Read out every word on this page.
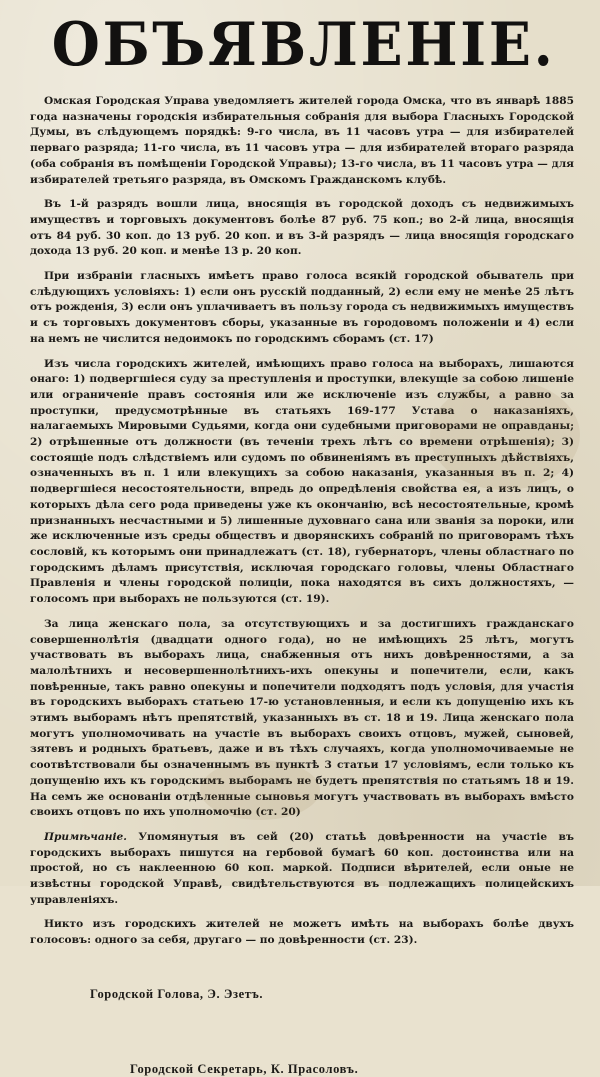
ОБЪЯВЛЕНІЕ.

Омская Городская Управа уведомляетъ жителей города Омска, что въ январѣ 1885 года назначены городскія избирательныя собранія для выбора Гласныхъ Городской Думы, въ слѣдующемъ порядкѣ: 9-го числа, въ 11 часовъ утра — для избирателей перваго разряда; 11-го числа, въ 11 часовъ утра — для избирателей втораго разряда (оба собранія въ помѣщеніи Городской Управы); 13-го числа, въ 11 часовъ утра — для избирателей третьяго разряда, въ Омскомъ Гражданскомъ клубѣ.

Въ 1-й разрядъ вошли лица, вносящія въ городской доходъ съ недвижимыхъ имуществъ и торговыхъ документовъ болѣе 87 руб. 75 коп.; во 2-й лица, вносящія отъ 84 руб. 30 коп. до 13 руб. 20 коп. и въ 3-й разрядъ — лица вносящія городскаго дохода 13 руб. 20 коп. и менѣе 13 р. 20 коп.

При избраніи гласныхъ имѣетъ право голоса всякій городской обыватель при слѣдующихъ условіяхъ: 1) если онъ русскій подданный, 2) если ему не менѣе 25 лѣтъ отъ рожденія, 3) если онъ уплачиваетъ въ пользу города съ недвижимыхъ имуществъ и съ торговыхъ документовъ сборы, указанные въ городовомъ положеніи и 4) если на немъ не числится недоимокъ по городскимъ сборамъ (ст. 17)

Изъ числа городскихъ жителей, имѣющихъ право голоса на выборахъ, лишаются онаго: 1) подвергшіеся суду за преступленія и проступки, влекущіе за собою лишеніе или ограниченіе правъ состоянія или же исключеніе изъ службы, а равно за проступки, предусмотрѣнные въ статьяхъ 169-177 Устава о наказаніяхъ, налагаемыхъ Мировыми Судьями, когда они судебными приговорами не оправданы; 2) отрѣшенные отъ должности (въ теченіи трехъ лѣтъ со времени отрѣшенія); 3) состоящіе подъ слѣдствіемъ или судомъ по обвиненіямъ въ преступныхъ дѣйствіяхъ, означенныхъ въ п. 1 или влекущихъ за собою наказанія, указанныя въ п. 2; 4) подвергшіеся несостоятельности, впредь до опредѣленія свойства ея, а изъ лицъ, о которыхъ дѣла сего рода приведены уже къ окончанію, всѣ несостоятельные, кромѣ признанныхъ несчастными и 5) лишенные духовнаго сана или званія за пороки, или же исключенные изъ среды обществъ и дворянскихъ собраній по приговорамъ тѣхъ сословій, къ которымъ они принадлежатъ (ст. 18), губернаторъ, члены областнаго по городскимъ дѣламъ присутствія, исключая городскаго головы, члены Областнаго Правленія и члены городской полиціи, пока находятся въ сихъ должностяхъ, — голосомъ при выборахъ не пользуются (ст. 19).

За лица женскаго пола, за отсутствующихъ и за достигшихъ гражданскаго совершеннолѣтія (двадцати одного года), но не имѣющихъ 25 лѣтъ, могутъ участвовать въ выборахъ лица, снабженныя отъ нихъ довѣренностями, а за малолѣтнихъ и несовершеннолѣтнихъ-ихъ опекуны и попечители, если, какъ повѣренные, такъ равно опекуны и попечители подходятъ подъ условія, для участія въ городскихъ выборахъ статьею 17-ю установленныя, и если къ допущенію ихъ къ этимъ выборамъ нѣтъ препятствій, указанныхъ въ ст. 18 и 19. Лица женскаго пола могутъ уполномочивать на участіе въ выборахъ своихъ отцовъ, мужей, сыновей, зятевъ и родныхъ братьевъ, даже и въ тѣхъ случаяхъ, когда уполномочиваемые не соотвѣтствовали бы означеннымъ въ пунктѣ 3 статьи 17 условіямъ, если только къ допущенію ихъ къ городскимъ выборамъ не будетъ препятствія по статьямъ 18 и 19. На семъ же основаніи отдѣленные сыновья могутъ участвовать въ выборахъ вмѣсто своихъ отцовъ по ихъ уполномочію (ст. 20)

Примѣчаніе. Упомянутыя въ сей (20) статьѣ довѣренности на участіе въ городскихъ выборахъ пишутся на гербовой бумагѣ 60 коп. достоинства или на простой, но съ наклеенною 60 коп. маркой. Подписи вѣрителей, если оные не извѣстны городской Управѣ, свидѣтельствуются въ подлежащихъ полицейскихъ управленіяхъ.

Никто изъ городскихъ жителей не можетъ имѣть на выборахъ болѣе двухъ голосовъ: одного за себя, другаго — по довѣренности (ст. 23).

Городской Голова, Э. Эзетъ.
Городской Секретарь, К. Прасоловъ.
